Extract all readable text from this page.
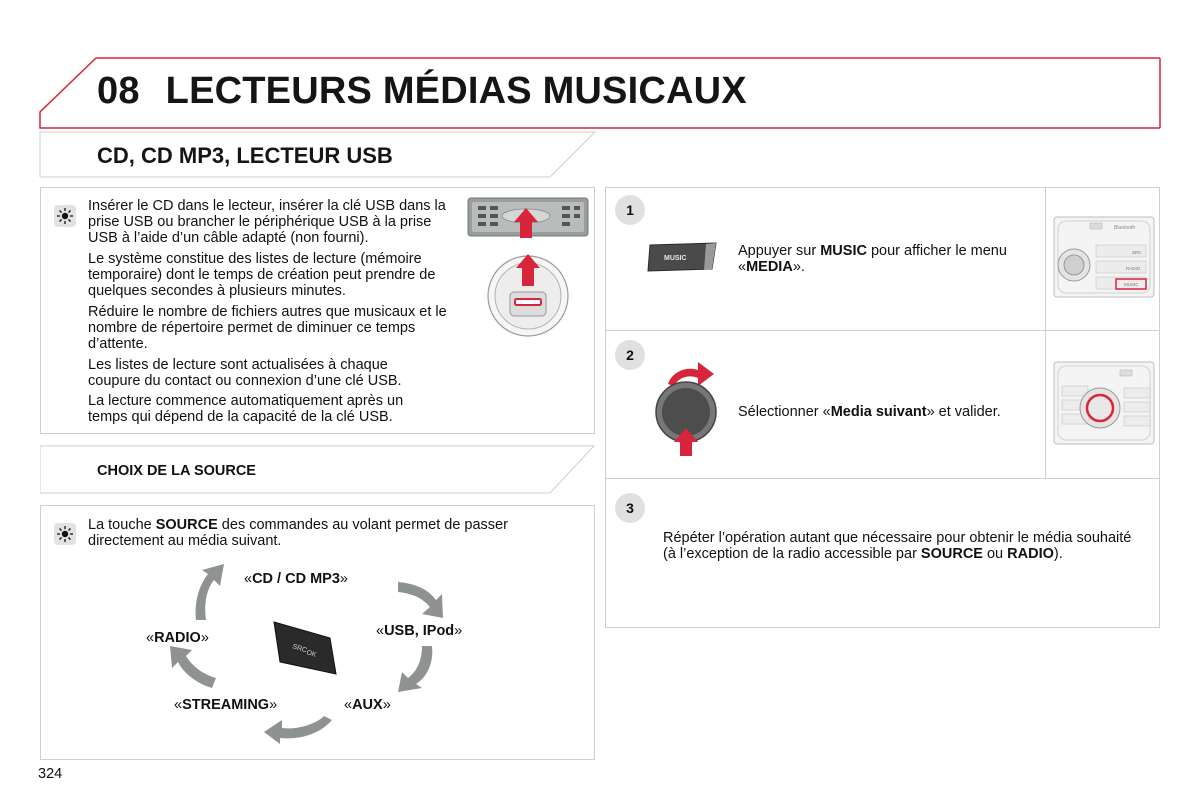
08 LECTEURS MÉDIAS MUSICAUX
CD, CD MP3, LECTEUR USB
Insérer le CD dans le lecteur, insérer la clé USB dans la prise USB ou brancher le périphérique USB à la prise USB à l’aide d’un câble adapté (non fourni).
Le système constitue des listes de lecture (mémoire temporaire) dont le temps de création peut prendre de quelques secondes à plusieurs minutes.
Réduire le nombre de fichiers autres que musicaux et le nombre de répertoire permet de diminuer ce temps d’attente.
Les listes de lecture sont actualisées à chaque coupure du contact ou connexion d’une clé USB.
La lecture commence automatiquement après un temps qui dépend de la capacité de la clé USB.
CHOIX DE LA SOURCE
La touche SOURCE des commandes au volant permet de passer directement au média suivant.
SRC
OK
«CD / CD MP3»
«USB, IPod»
«AUX»
«STREAMING»
«RADIO»
1
2
3
MUSIC	Appuyer sur MUSIC pour afficher le menu «MEDIA».
Sélectionner «Media suivant» et valider.
Répéter l’opération autant que nécessaire pour obtenir le média souhaité (à l’exception de la radio accessible par SOURCE ou RADIO).
Bluetooth
SRC
RADIO
MUSIC
324
